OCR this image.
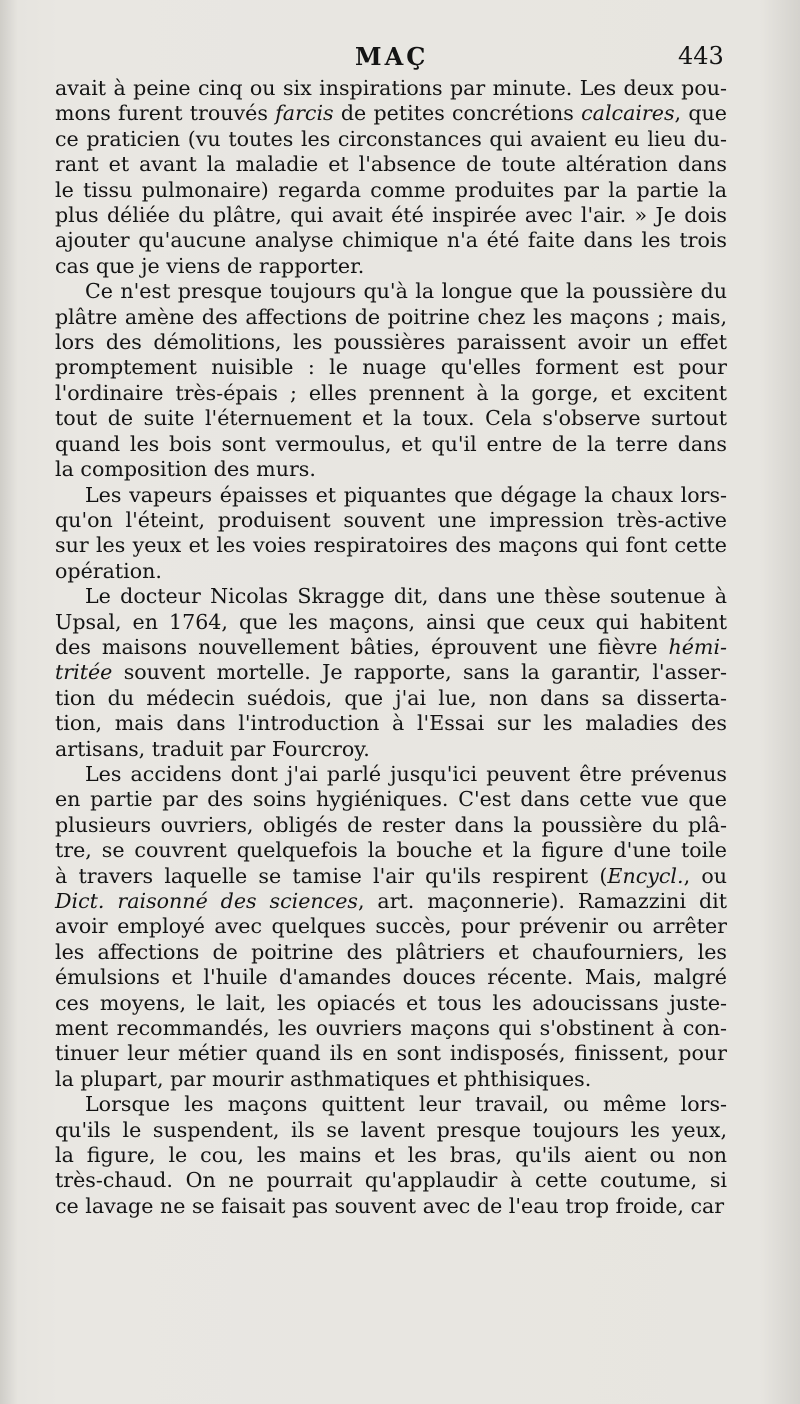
MAÇ	443
avait à peine cinq ou six inspirations par minute. Les deux pou-
mons furent trouvés farcis de petites concrétions calcaires, que
ce praticien (vu toutes les circonstances qui avaient eu lieu du-
rant et avant la maladie et l'absence de toute altération dans
le tissu pulmonaire) regarda comme produites par la partie la
plus déliée du plâtre, qui avait été inspirée avec l'air. » Je dois
ajouter qu'aucune analyse chimique n'a été faite dans les trois
cas que je viens de rapporter.
Ce n'est presque toujours qu'à la longue que la poussière du
plâtre amène des affections de poitrine chez les maçons ; mais,
lors des démolitions, les poussières paraissent avoir un effet
promptement nuisible : le nuage qu'elles forment est pour
l'ordinaire très-épais ; elles prennent à la gorge, et excitent
tout de suite l'éternuement et la toux. Cela s'observe surtout
quand les bois sont vermoulus, et qu'il entre de la terre dans
la composition des murs.
Les vapeurs épaisses et piquantes que dégage la chaux lors-
qu'on l'éteint, produisent souvent une impression très-active
sur les yeux et les voies respiratoires des maçons qui font cette
opération.
Le docteur Nicolas Skragge dit, dans une thèse soutenue à
Upsal, en 1764, que les maçons, ainsi que ceux qui habitent
des maisons nouvellement bâties, éprouvent une fièvre hémi-
tritée souvent mortelle. Je rapporte, sans la garantir, l'asser-
tion du médecin suédois, que j'ai lue, non dans sa disserta-
tion, mais dans l'introduction à l'Essai sur les maladies des
artisans, traduit par Fourcroy.
Les accidens dont j'ai parlé jusqu'ici peuvent être prévenus
en partie par des soins hygiéniques. C'est dans cette vue que
plusieurs ouvriers, obligés de rester dans la poussière du plâ-
tre, se couvrent quelquefois la bouche et la figure d'une toile
à travers laquelle se tamise l'air qu'ils respirent (Encycl., ou
Dict. raisonné des sciences, art. maçonnerie). Ramazzini dit
avoir employé avec quelques succès, pour prévenir ou arrêter
les affections de poitrine des plâtriers et chaufourniers, les
émulsions et l'huile d'amandes douces récente. Mais, malgré
ces moyens, le lait, les opiacés et tous les adoucissans juste-
ment recommandés, les ouvriers maçons qui s'obstinent à con-
tinuer leur métier quand ils en sont indisposés, finissent, pour
la plupart, par mourir asthmatiques et phthisiques.
Lorsque les maçons quittent leur travail, ou même lors-
qu'ils le suspendent, ils se lavent presque toujours les yeux,
la figure, le cou, les mains et les bras, qu'ils aient ou non
très-chaud. On ne pourrait qu'applaudir à cette coutume, si
ce lavage ne se faisait pas souvent avec de l'eau trop froide, car
